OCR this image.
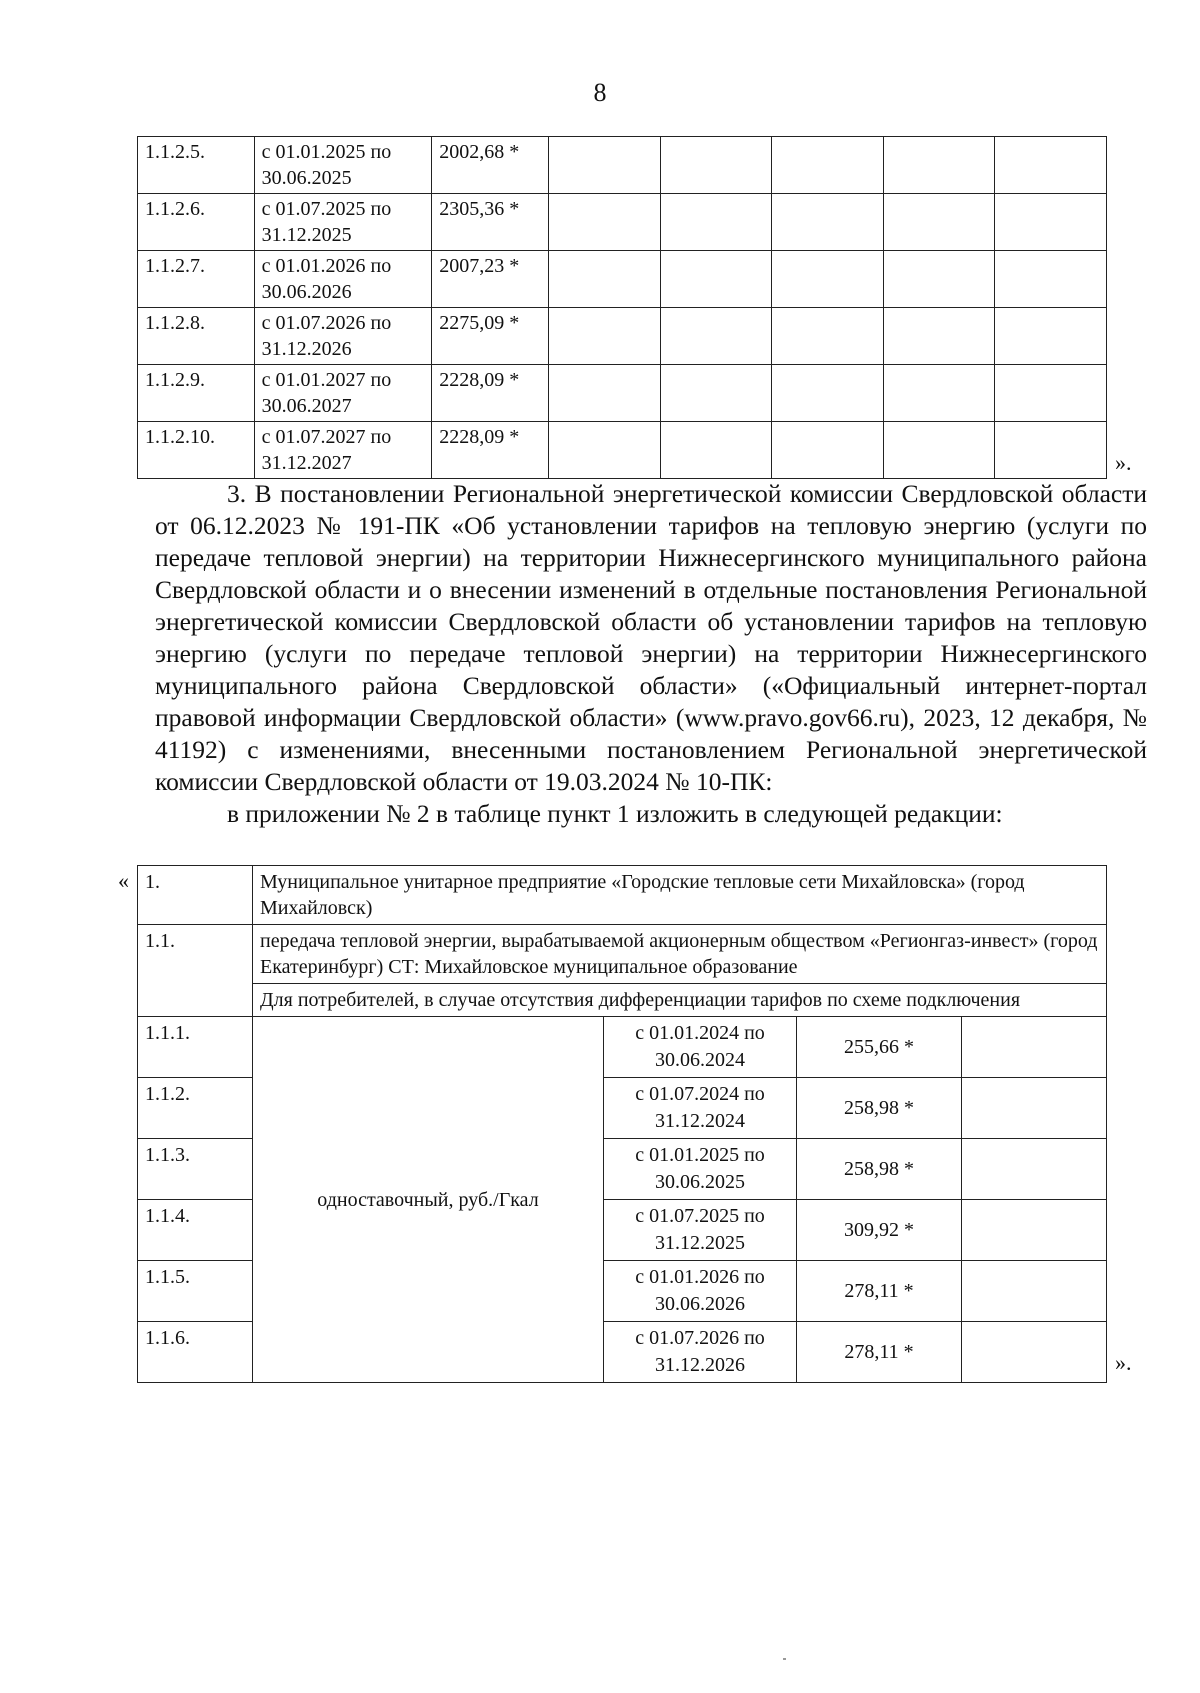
8
1.1.2.5.	с 01.01.2025 по 30.06.2025	2002,68 *					
1.1.2.6.	с 01.07.2025 по 31.12.2025	2305,36 *					
1.1.2.7.	с 01.01.2026 по 30.06.2026	2007,23 *					
1.1.2.8.	с 01.07.2026 по 31.12.2026	2275,09 *					
1.1.2.9.	с 01.01.2027 по 30.06.2027	2228,09 *					
1.1.2.10.	с 01.07.2027 по 31.12.2027	2228,09 *					
».

3. В постановлении Региональной энергетической комиссии Свердловской области от 06.12.2023 № 191-ПК «Об установлении тарифов на тепловую энергию (услуги по передаче тепловой энергии) на территории Нижнесергинского муниципального района Свердловской области и о внесении изменений в отдельные постановления Региональной энергетической комиссии Свердловской области об установлении тарифов на тепловую энергию (услуги по передаче тепловой энергии) на территории Нижнесергинского муниципального района Свердловской области» («Официальный интернет-портал правовой информации Свердловской области» (www.pravo.gov66.ru), 2023, 12 декабря, № 41192) с изменениями, внесенными постановлением Региональной энергетической комиссии Свердловской области от 19.03.2024 № 10-ПК:

в приложении № 2 в таблице пункт 1 изложить в следующей редакции:

« 1.	Муниципальное унитарное предприятие «Городские тепловые сети Михайловска» (город Михайловск)			
1.1.	передача тепловой энергии, вырабатываемой акционерным обществом «Регионгаз-инвест» (город Екатеринбург) СТ: Михайловское муниципальное образование			
	Для потребителей, в случае отсутствия дифференциации тарифов по схеме подключения			
1.1.1.	одноставочный, руб./Гкал	с 01.01.2024 по 30.06.2024	255,66 *	
1.1.2.		с 01.07.2024 по 31.12.2024	258,98 *	
1.1.3.		с 01.01.2025 по 30.06.2025	258,98 *	
1.1.4.		с 01.07.2025 по 31.12.2025	309,92 *	
1.1.5.		с 01.01.2026 по 30.06.2026	278,11 *	
1.1.6.		с 01.07.2026 по 31.12.2026	278,11 *		».
